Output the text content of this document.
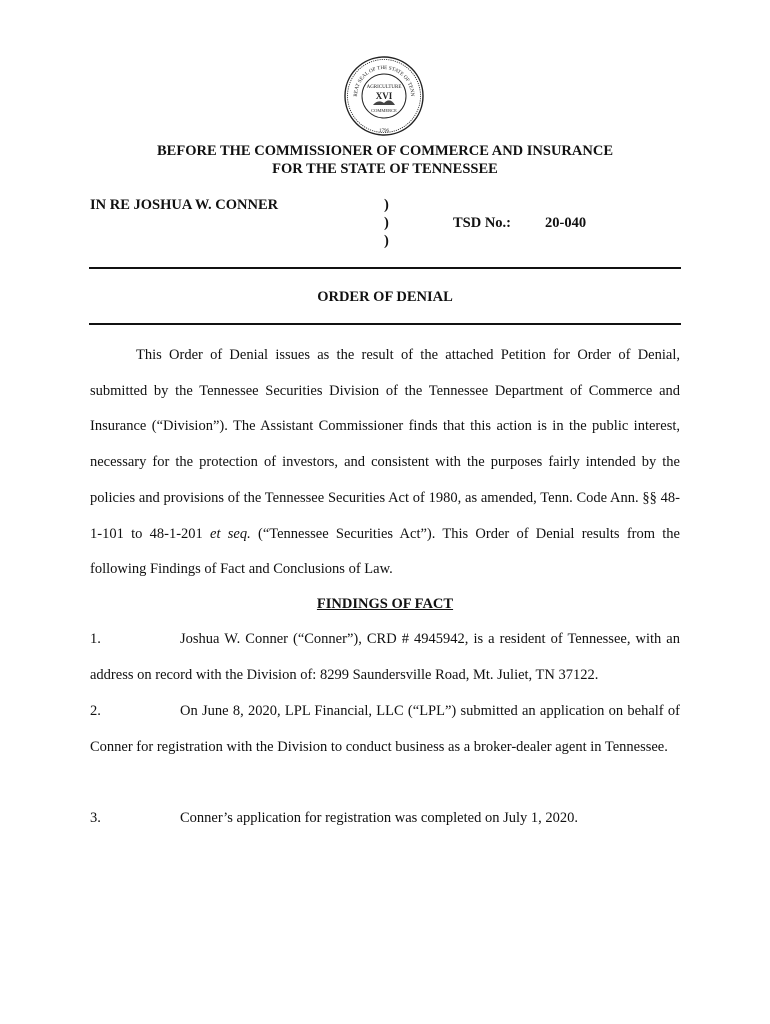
REAT SEAL OF THE STATE OF TENN
AGRICULTURE
XVI
COMMERCE
1796
BEFORE THE COMMISSIONER OF COMMERCE AND INSURANCE
FOR THE STATE OF TENNESSEE
IN RE JOSHUA W. CONNER	)
)
)
TSD No.: 20-040
ORDER OF DENIAL

This Order of Denial issues as the result of the attached Petition for Order of Denial, submitted by the Tennessee Securities Division of the Tennessee Department of Commerce and Insurance (“Division”). The Assistant Commissioner finds that this action is in the public interest, necessary for the protection of investors, and consistent with the purposes fairly intended by the policies and provisions of the Tennessee Securities Act of 1980, as amended, Tenn. Code Ann. §§ 48-1-101 to 48-1-201 et seq. (“Tennessee Securities Act”). This Order of Denial results from the following Findings of Fact and Conclusions of Law.

FINDINGS OF FACT

1.	Joshua W. Conner (“Conner”), CRD # 4945942, is a resident of Tennessee, with an address on record with the Division of: 8299 Saundersville Road, Mt. Juliet, TN 37122.

2.	On June 8, 2020, LPL Financial, LLC (“LPL”) submitted an application on behalf of Conner for registration with the Division to conduct business as a broker-dealer agent in Tennessee.

3.	Conner’s application for registration was completed on July 1, 2020.
